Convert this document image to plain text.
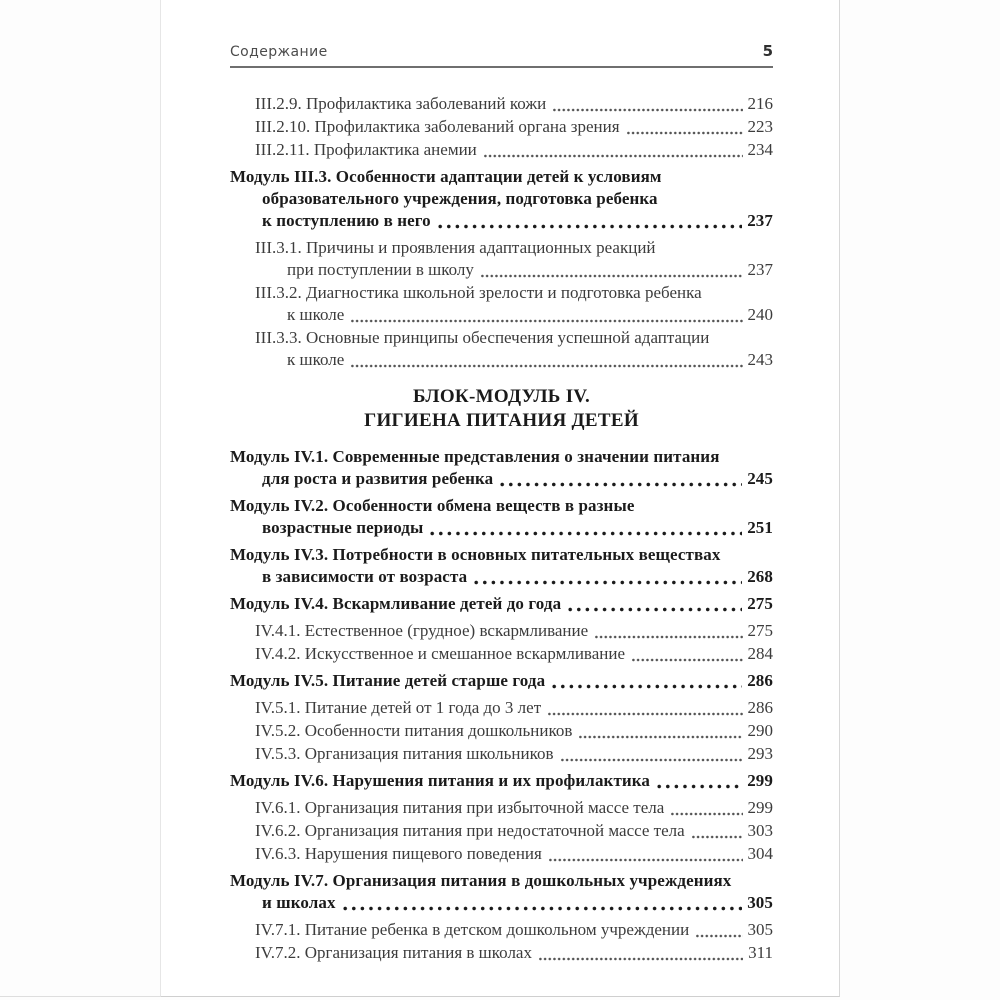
Содержание	5
III.2.9. Профилактика заболеваний кожи	216
III.2.10. Профилактика заболеваний органа зрения	223
III.2.11. Профилактика анемии	234
Модуль III.3. Особенности адаптации детей к условиям
образовательного учреждения, подготовка ребенка
к поступлению в него	237
III.3.1. Причины и проявления адаптационных реакций
при поступлении в школу	237
III.3.2. Диагностика школьной зрелости и подготовка ребенка
к школе	240
III.3.3. Основные принципы обеспечения успешной адаптации
к школе	243
БЛОК-МОДУЛЬ IV.
ГИГИЕНА ПИТАНИЯ ДЕТЕЙ
Модуль IV.1. Современные представления о значении питания
для роста и развития ребенка	245
Модуль IV.2. Особенности обмена веществ в разные
возрастные периоды	251
Модуль IV.3. Потребности в основных питательных веществах
в зависимости от возраста	268
Модуль IV.4. Вскармливание детей до года	275
IV.4.1. Естественное (грудное) вскармливание	275
IV.4.2. Искусственное и смешанное вскармливание	284
Модуль IV.5. Питание детей старше года	286
IV.5.1. Питание детей от 1 года до 3 лет	286
IV.5.2. Особенности питания дошкольников	290
IV.5.3. Организация питания школьников	293
Модуль IV.6. Нарушения питания и их профилактика	299
IV.6.1. Организация питания при избыточной массе тела	299
IV.6.2. Организация питания при недостаточной массе тела	303
IV.6.3. Нарушения пищевого поведения	304
Модуль IV.7. Организация питания в дошкольных учреждениях
и школах	305
IV.7.1. Питание ребенка в детском дошкольном учреждении	305
IV.7.2. Организация питания в школах	311
